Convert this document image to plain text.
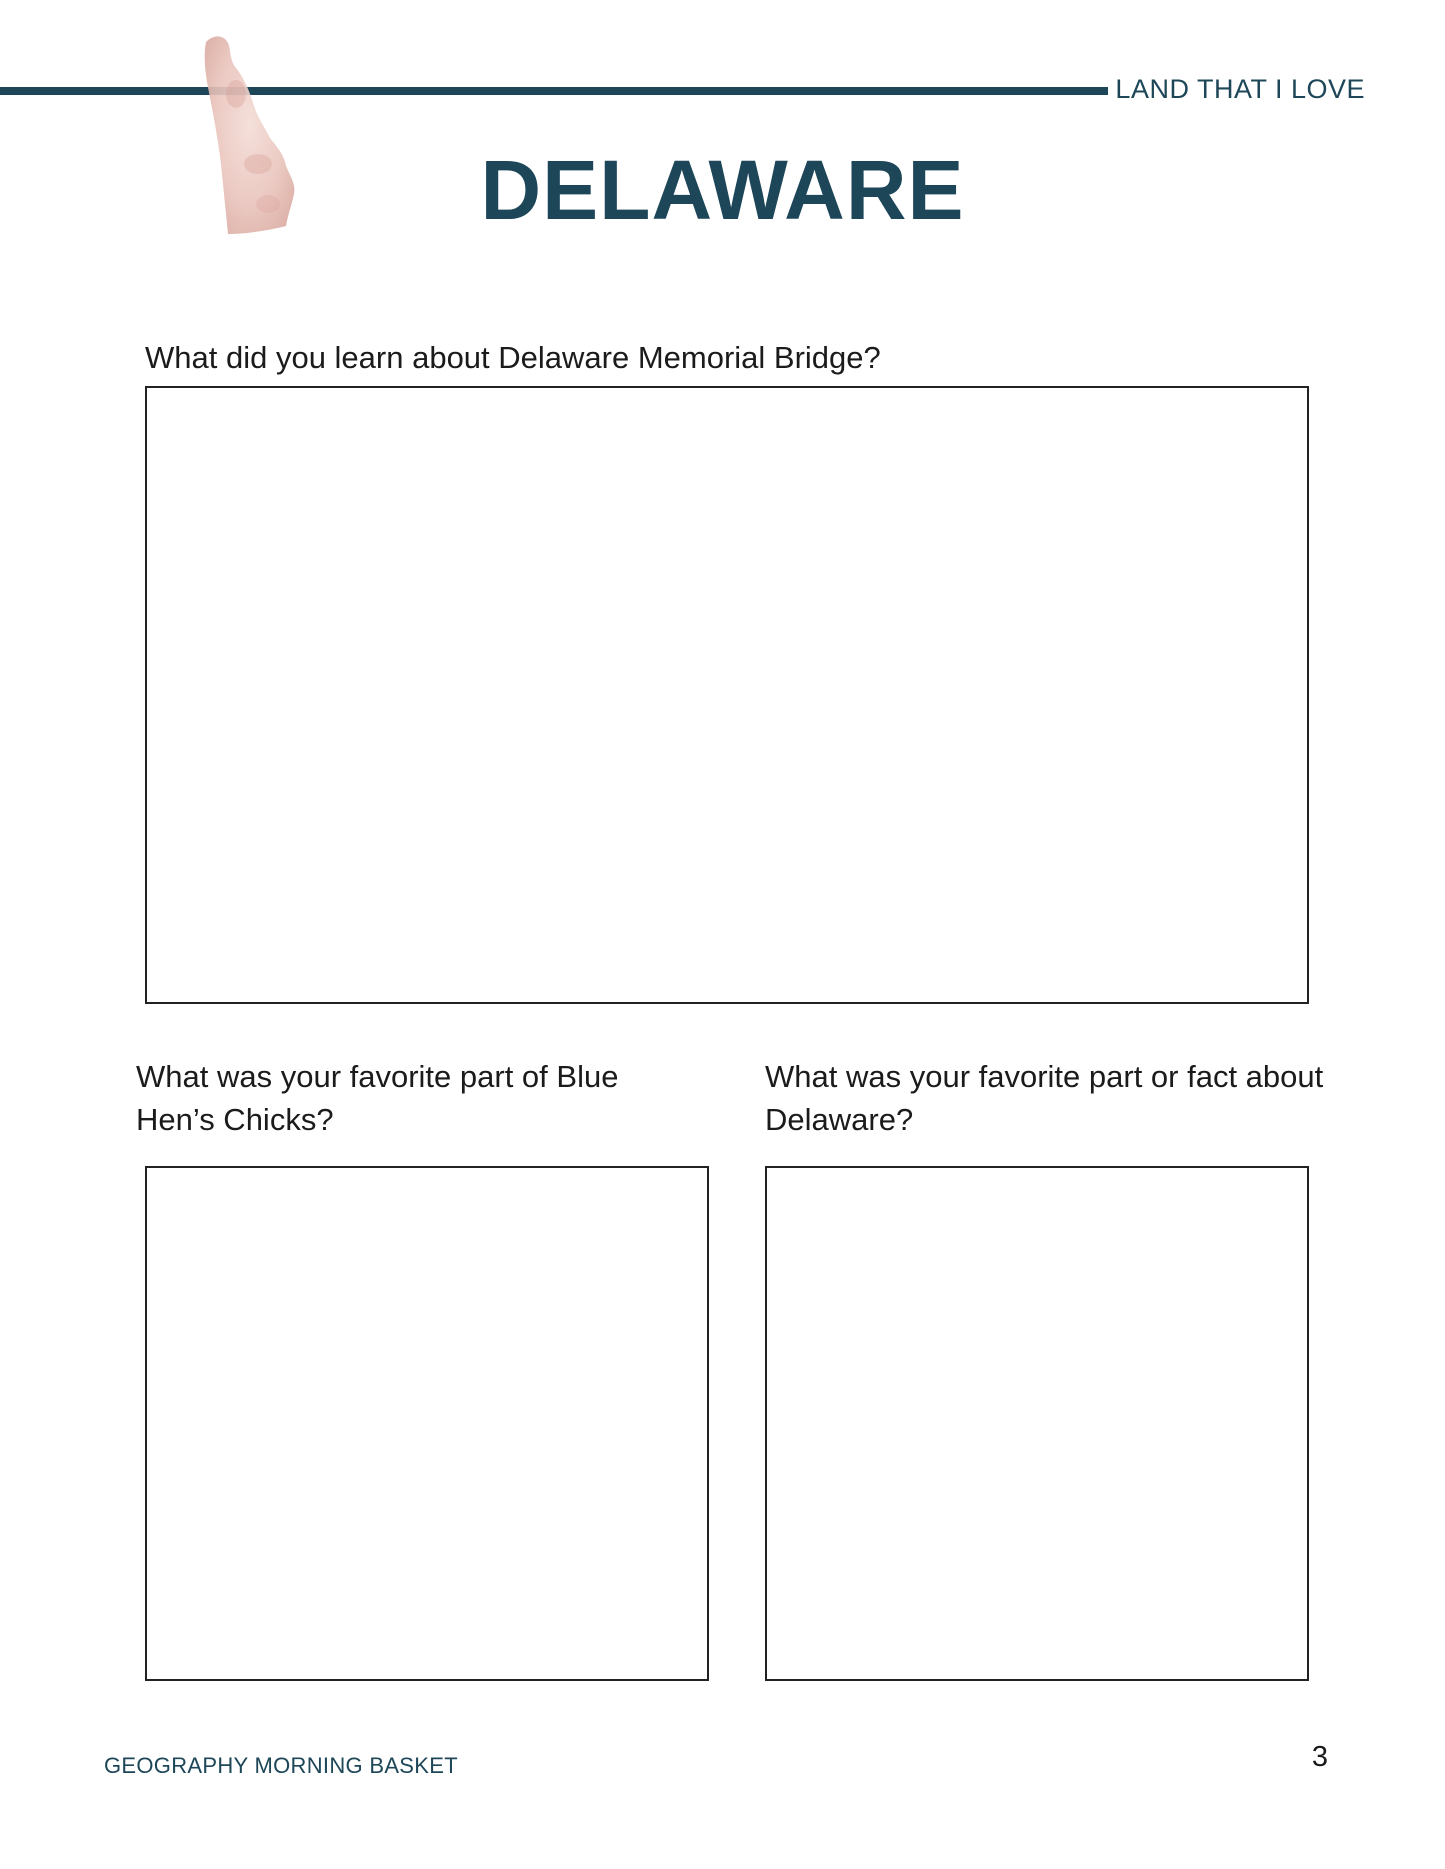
LAND THAT I LOVE
DELAWARE
What did you learn about Delaware Memorial Bridge?
What was your favorite part of Blue Hen’s Chicks?
What was your favorite part or fact about Delaware?
GEOGRAPHY MORNING BASKET	3
